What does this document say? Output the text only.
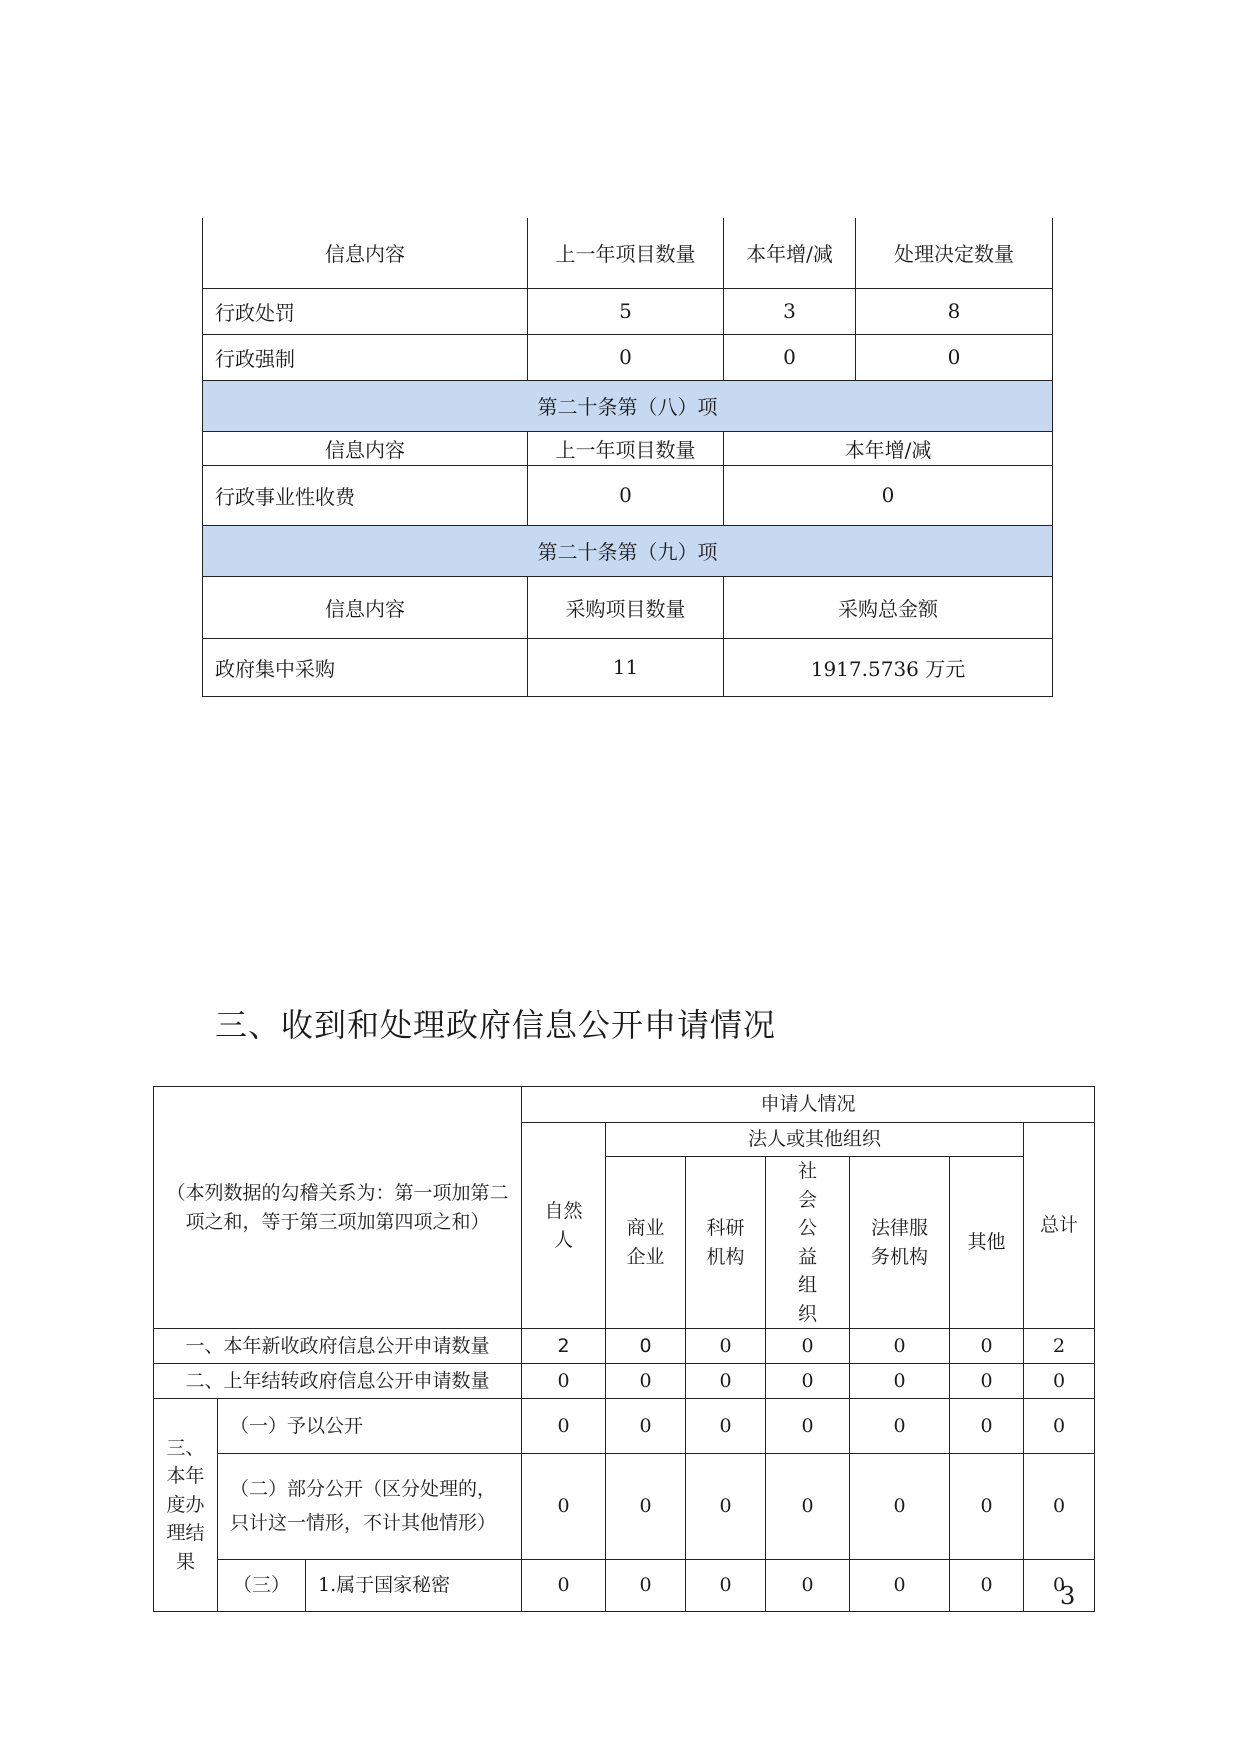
信息内容	上一年项目数量	本年增/减	处理决定数量
行政处罚	5	3	8
行政强制	0	0	0
第二十条第（八）项			
信息内容	上一年项目数量	本年增/减	
行政事业性收费	0	0	
第二十条第（九）项			
信息内容	采购项目数量	采购总金额	
政府集中采购	11	1917.5736 万元	
三、收到和处理政府信息公开申请情况
（本列数据的勾稽关系为：第一项加第二项之和，等于第三项加第四项之和）			申请人情况						

			自然人	法人或其他组织					总计

				商业企业	科研机构	社会公益组织	法律服务机构	其他	
一、本年新收政府信息公开申请数量			2	0	0	0	0	0	2
二、上年结转政府信息公开申请数量			0	0	0	0	0	0	0

三、本年度办理结果	（一）予以公开		0	0	0	0	0	0	0
	（二）部分公开（区分处理的，只计这一情形，不计其他情形）		0	0	0	0	0	0	0
	（三）	1.属于国家秘密	0	0	0	0	0	0	0
3
